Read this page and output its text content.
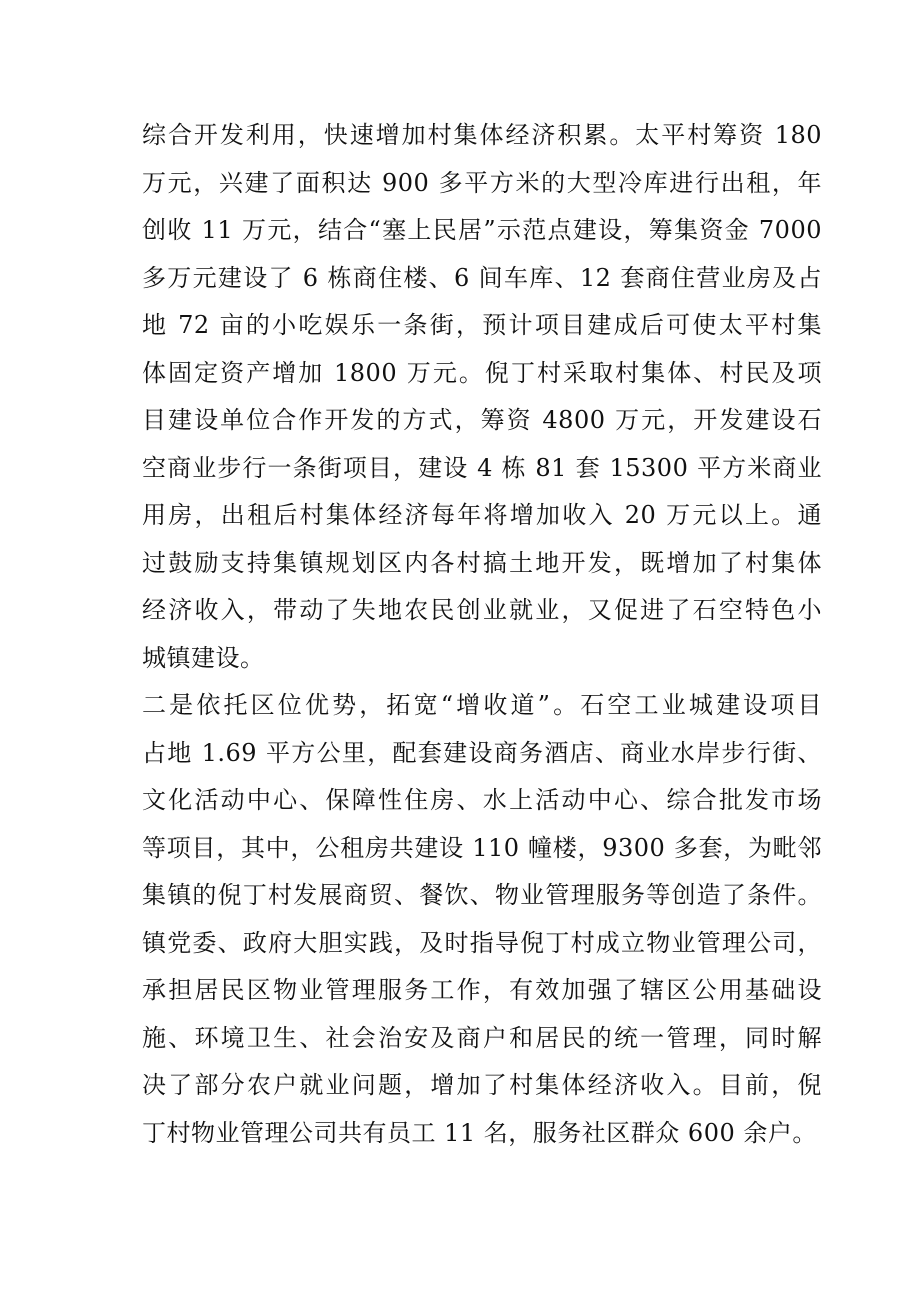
综合开发利用，快速增加村集体经济积累。太平村筹资 180
万元，兴建了面积达 900 多平方米的大型冷库进行出租，年
创收 11 万元，结合“塞上民居”示范点建设，筹集资金 7000
多万元建设了 6 栋商住楼、6 间车库、12 套商住营业房及占
地 72 亩的小吃娱乐一条街，预计项目建成后可使太平村集
体固定资产增加 1800 万元。倪丁村采取村集体、村民及项
目建设单位合作开发的方式，筹资 4800 万元，开发建设石
空商业步行一条街项目，建设 4 栋 81 套 15300 平方米商业
用房，出租后村集体经济每年将增加收入 20 万元以上。通
过鼓励支持集镇规划区内各村搞土地开发，既增加了村集体
经济收入，带动了失地农民创业就业，又促进了石空特色小
城镇建设。
二是依托区位优势，拓宽“增收道”。石空工业城建设项目
占地 1.69 平方公里，配套建设商务酒店、商业水岸步行街、
文化活动中心、保障性住房、水上活动中心、综合批发市场
等项目，其中，公租房共建设 110 幢楼，9300 多套，为毗邻
集镇的倪丁村发展商贸、餐饮、物业管理服务等创造了条件。
镇党委、政府大胆实践，及时指导倪丁村成立物业管理公司，
承担居民区物业管理服务工作，有效加强了辖区公用基础设
施、环境卫生、社会治安及商户和居民的统一管理，同时解
决了部分农户就业问题，增加了村集体经济收入。目前，倪
丁村物业管理公司共有员工 11 名，服务社区群众 600 余户。
